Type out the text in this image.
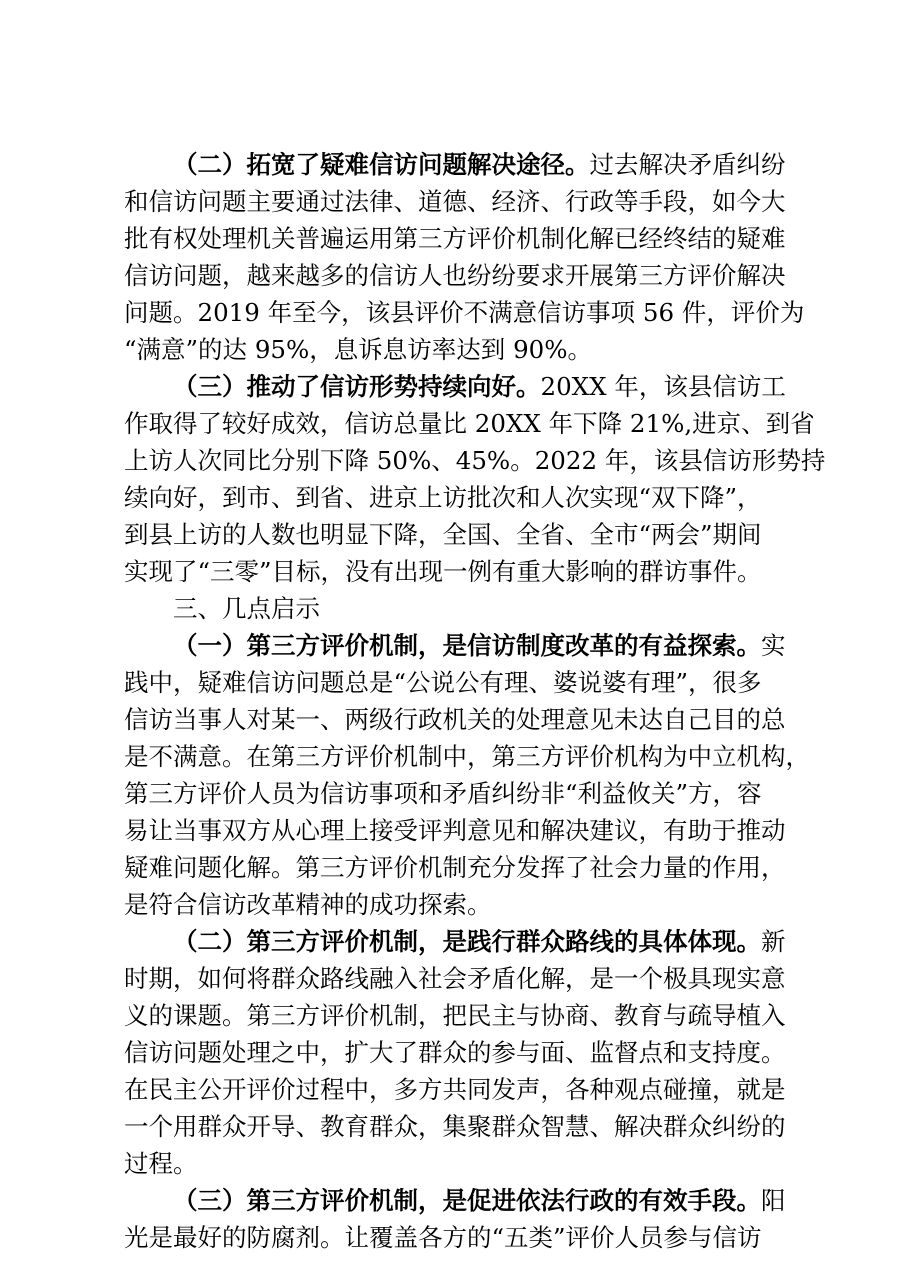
（二）拓宽了疑难信访问题解决途径。过去解决矛盾纠纷

和信访问题主要通过法律、道德、经济、行政等手段，如今大

批有权处理机关普遍运用第三方评价机制化解已经终结的疑难

信访问题，越来越多的信访人也纷纷要求开展第三方评价解决

问题。2019 年至今，该县评价不满意信访事项 56 件，评价为

“满意”的达 95%，息诉息访率达到 90%。

（三）推动了信访形势持续向好。20XX 年，该县信访工

作取得了较好成效，信访总量比 20XX 年下降 21%,进京、到省

上访人次同比分别下降 50%、45%。2022 年，该县信访形势持

续向好，到市、到省、进京上访批次和人次实现“双下降”，

到县上访的人数也明显下降，全国、全省、全市“两会”期间

实现了“三零”目标，没有出现一例有重大影响的群访事件。

三、几点启示

（一）第三方评价机制，是信访制度改革的有益探索。实

践中，疑难信访问题总是“公说公有理、婆说婆有理”，很多

信访当事人对某一、两级行政机关的处理意见未达自己目的总

是不满意。在第三方评价机制中，第三方评价机构为中立机构，

第三方评价人员为信访事项和矛盾纠纷非“利益攸关”方，容

易让当事双方从心理上接受评判意见和解决建议，有助于推动

疑难问题化解。第三方评价机制充分发挥了社会力量的作用，

是符合信访改革精神的成功探索。

（二）第三方评价机制，是践行群众路线的具体体现。新

时期，如何将群众路线融入社会矛盾化解，是一个极具现实意

义的课题。第三方评价机制，把民主与协商、教育与疏导植入

信访问题处理之中，扩大了群众的参与面、监督点和支持度。

在民主公开评价过程中，多方共同发声，各种观点碰撞，就是

一个用群众开导、教育群众，集聚群众智慧、解决群众纠纷的

过程。

（三）第三方评价机制，是促进依法行政的有效手段。阳

光是最好的防腐剂。让覆盖各方的“五类”评价人员参与信访
